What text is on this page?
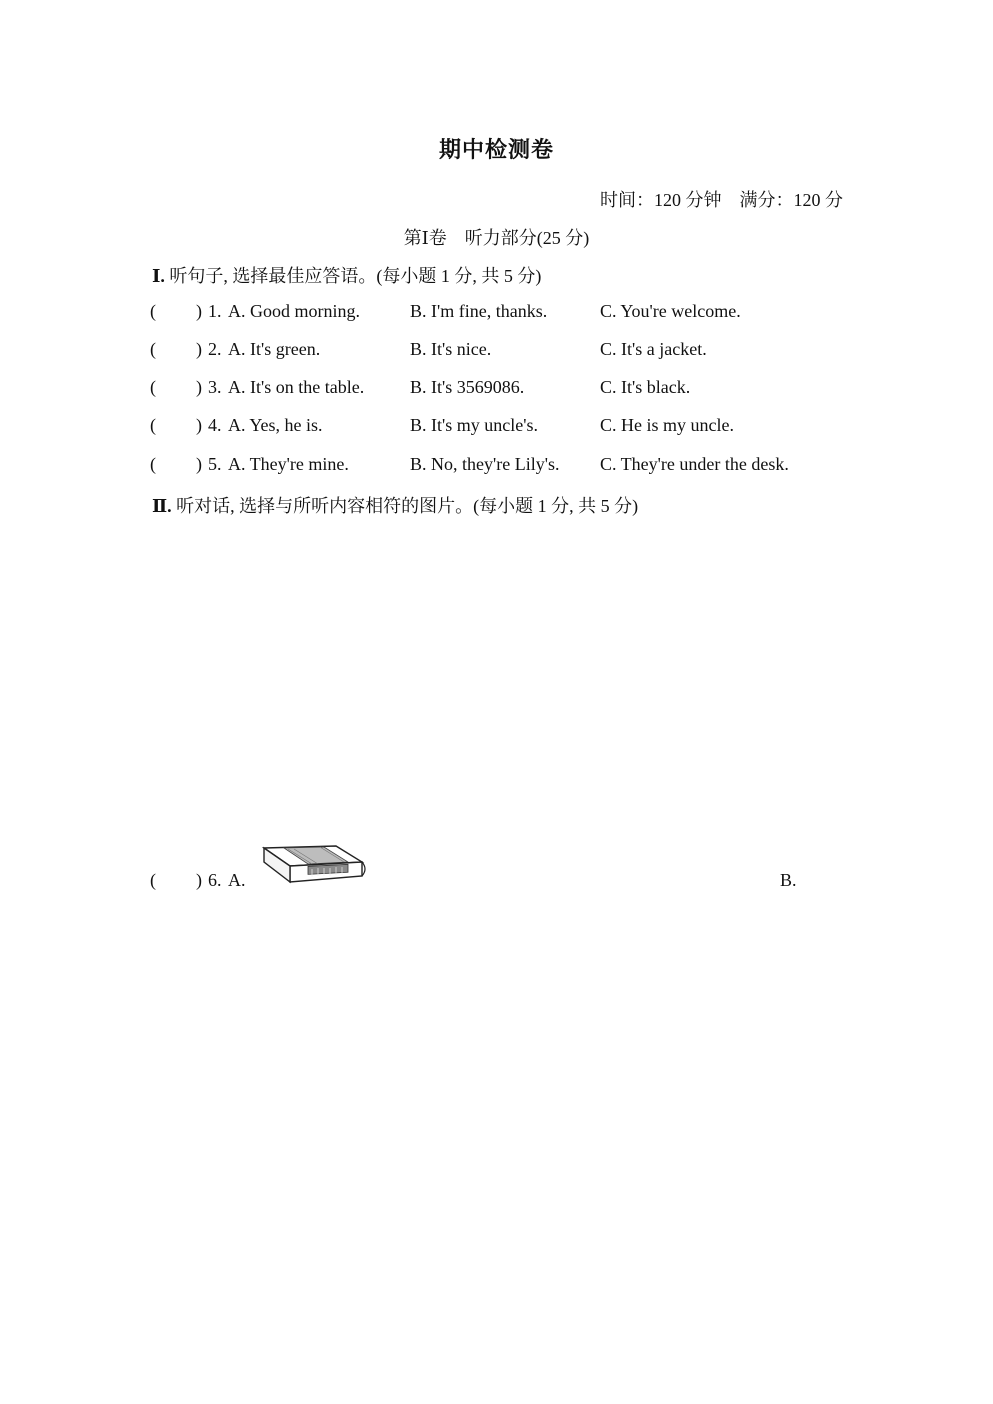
期中检测卷
时间：120 分钟　满分：120 分
第Ⅰ卷　听力部分(25 分)
Ⅰ. 听句子, 选择最佳应答语。(每小题 1 分, 共 5 分)
( ) 1. A. Good morning.	B. I'm fine, thanks.	C. You're welcome.
( ) 2. A. It's green.	B. It's nice.	C. It's a jacket.
( ) 3. A. It's on the table.	B. It's 3569086.	C. It's black.
( ) 4. A. Yes, he is.	B. It's my uncle's.	C. He is my uncle.
( ) 5. A. They're mine.	B. No, they're Lily's. C. They're under the desk.
Ⅱ. 听对话, 选择与所听内容相符的图片。(每小题 1 分, 共 5 分)
( ) 6. A.	B.
